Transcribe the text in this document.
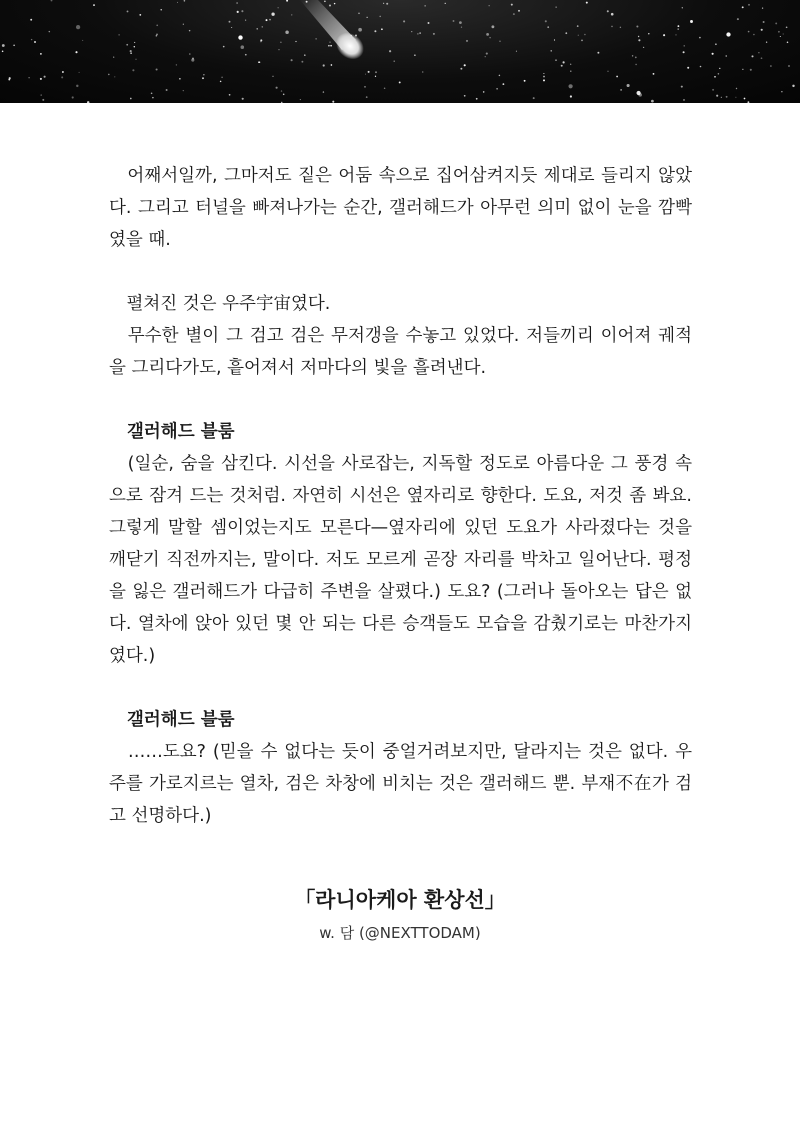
　어째서일까, 그마저도 짙은 어둠 속으로 집어삼켜지듯 제대로 들리지 않았다. 그리고 터널을 빠져나가는 순간, 갤러해드가 아무런 의미 없이 눈을 깜빡였을 때.

　펼쳐진 것은 우주宇宙였다.

　무수한 별이 그 검고 검은 무저갱을 수놓고 있었다. 저들끼리 이어져 궤적을 그리다가도, 흩어져서 저마다의 빛을 흘려낸다.

갤러해드 블룸

　(일순, 숨을 삼킨다. 시선을 사로잡는, 지독할 정도로 아름다운 그 풍경 속으로 잠겨 드는 것처럼. 자연히 시선은 옆자리로 향한다. 도요, 저것 좀 봐요. 그렇게 말할 셈이었는지도 모른다—옆자리에 있던 도요가 사라졌다는 것을 깨닫기 직전까지는, 말이다. 저도 모르게 곧장 자리를 박차고 일어난다. 평정을 잃은 갤러해드가 다급히 주변을 살폈다.) 도요? (그러나 돌아오는 답은 없다. 열차에 앉아 있던 몇 안 되는 다른 승객들도 모습을 감췄기로는 마찬가지였다.)

갤러해드 블룸

　……도요? (믿을 수 없다는 듯이 중얼거려보지만, 달라지는 것은 없다. 우주를 가로지르는 열차, 검은 차창에 비치는 것은 갤러해드 뿐. 부재不在가 검고 선명하다.)

「라니아케아 환상선」

w. 담 (@NEXTTODAM)
